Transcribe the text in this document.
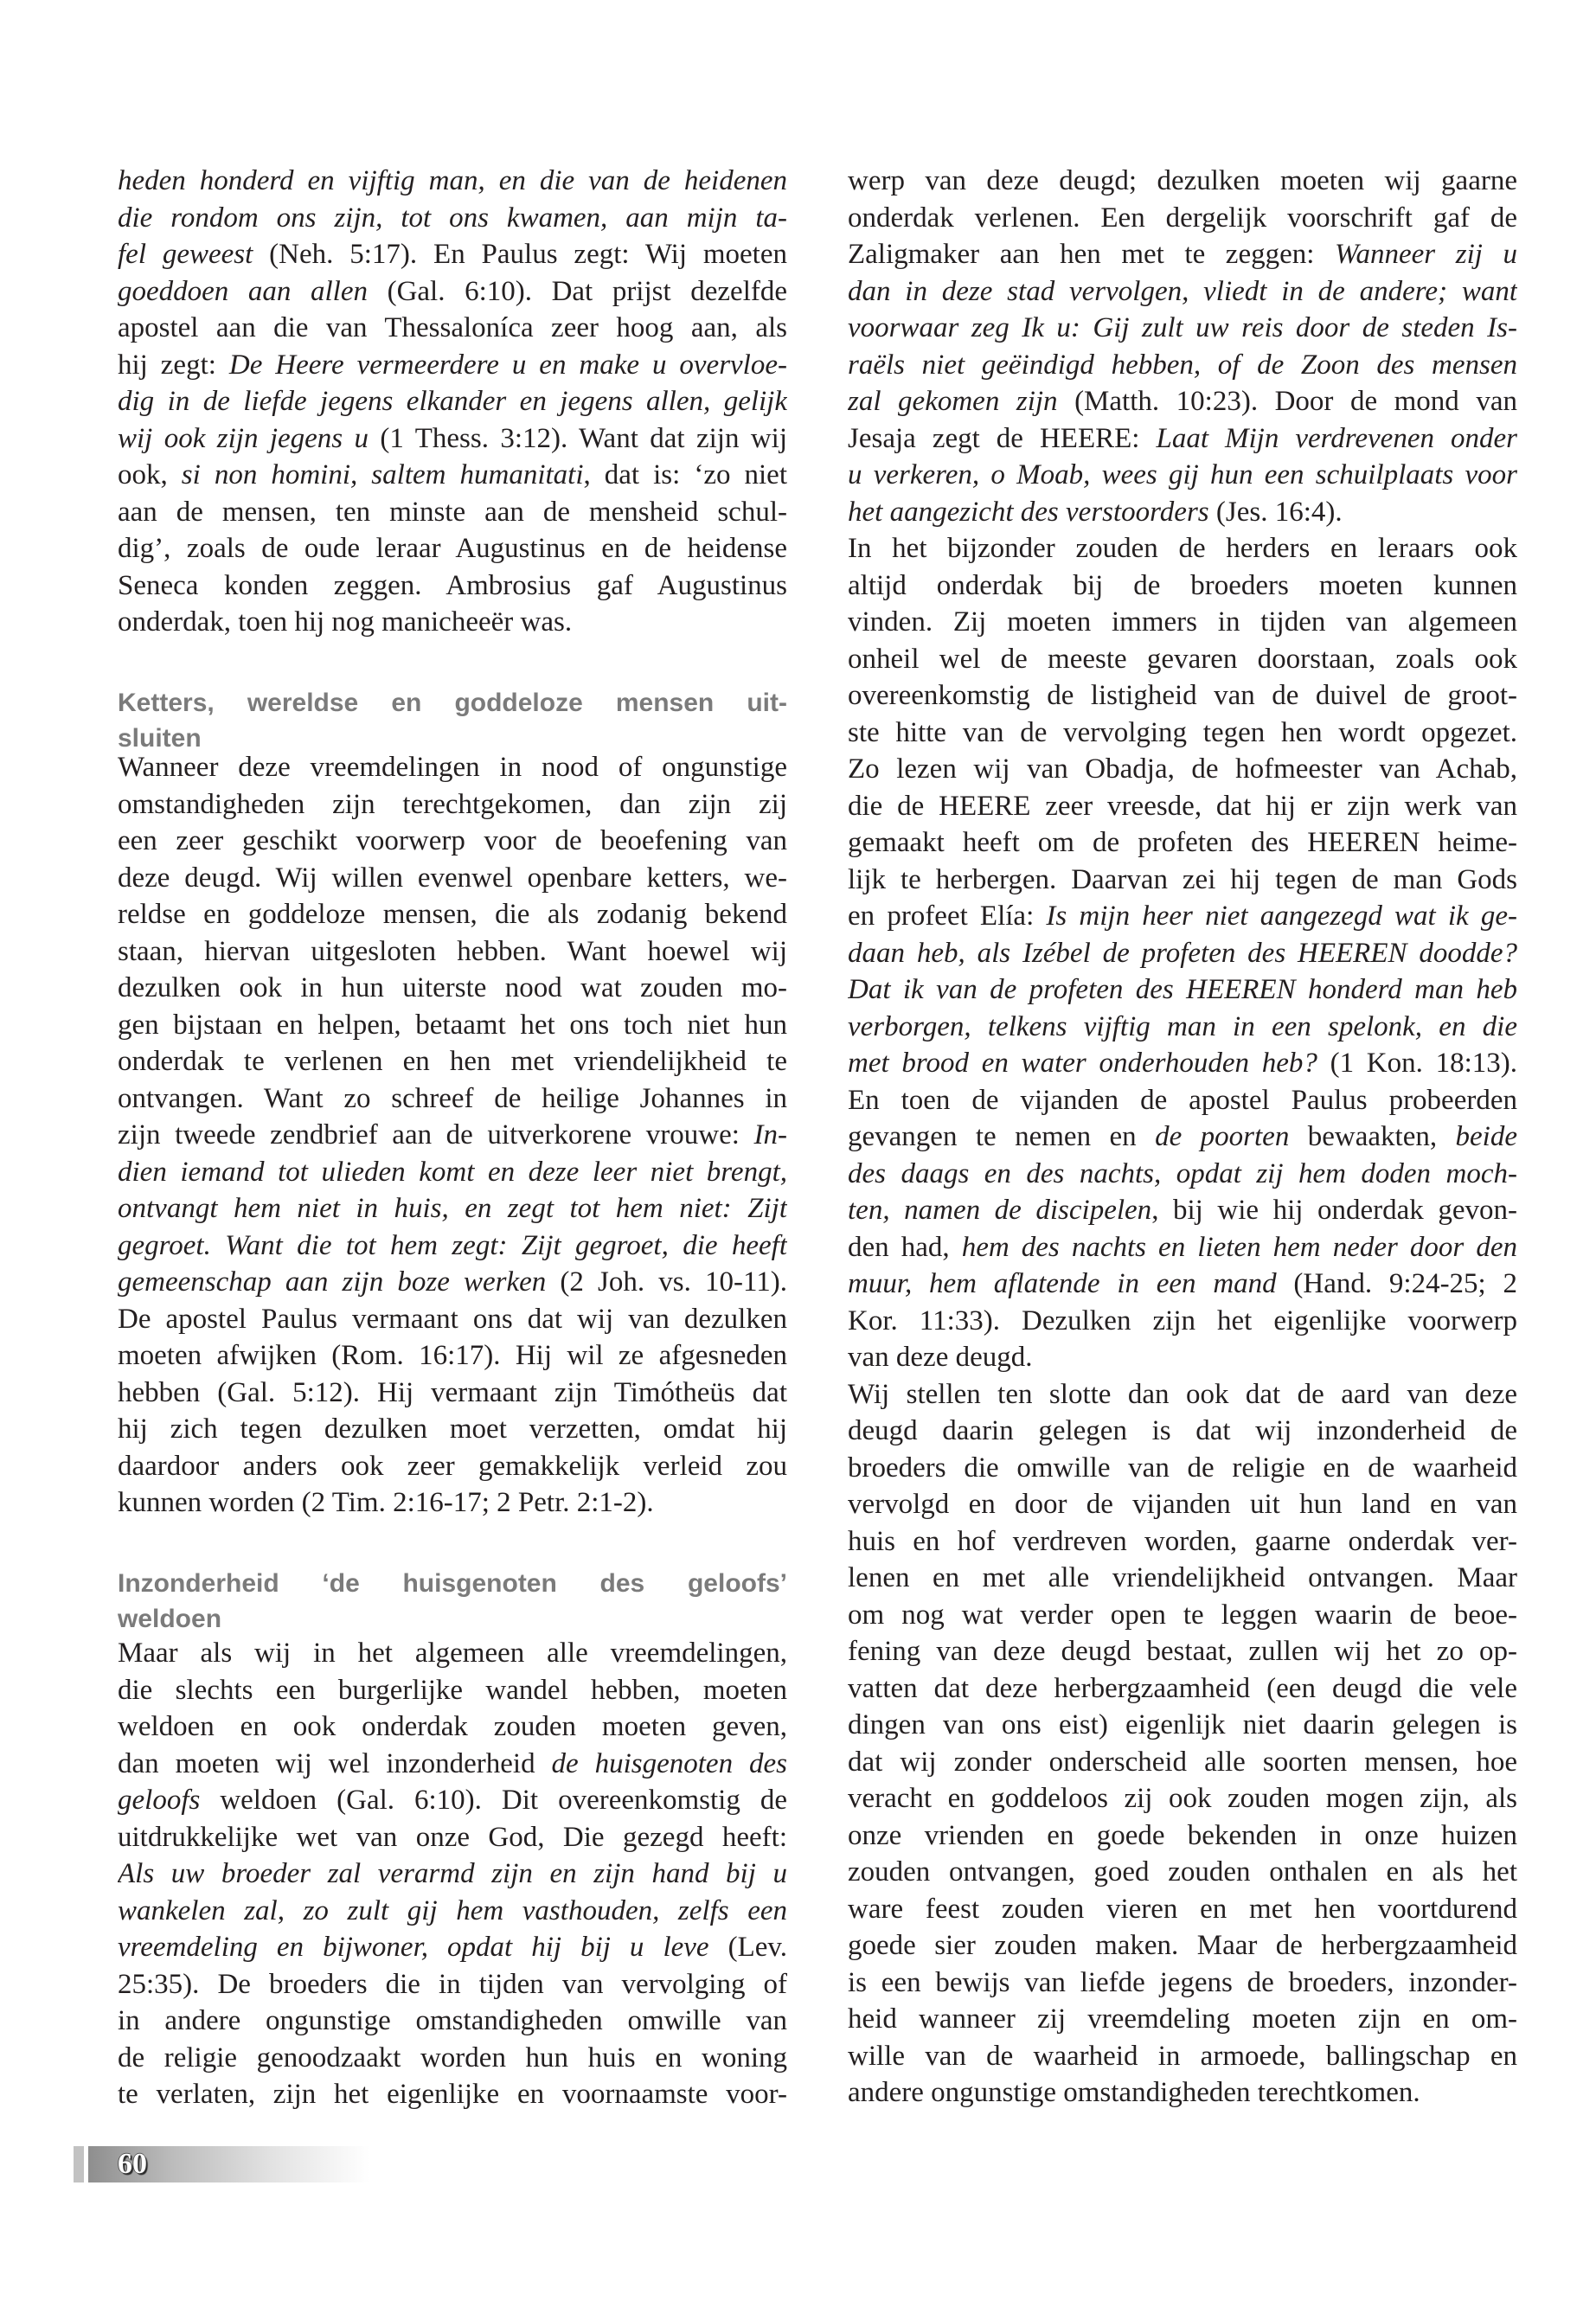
heden honderd en vijftig man, en die van de heidenen
die rondom ons zijn, tot ons kwamen, aan mijn ta-
fel geweest (Neh. 5:17). En Paulus zegt: Wij moeten
goeddoen aan allen (Gal. 6:10). Dat prijst dezelfde
apostel aan die van Thessaloníca zeer hoog aan, als
hij zegt: De Heere vermeerdere u en make u overvloe-
dig in de liefde jegens elkander en jegens allen, gelijk
wij ook zijn jegens u (1 Thess. 3:12). Want dat zijn wij
ook, si non homini, saltem humanitati, dat is: ‘zo niet
aan de mensen, ten minste aan de mensheid schul-
dig’, zoals de oude leraar Augustinus en de heidense
Seneca konden zeggen. Ambrosius gaf Augustinus
onderdak, toen hij nog manicheeër was.
Ketters, wereldse en goddeloze mensen uit-
sluiten
Wanneer deze vreemdelingen in nood of ongunstige
omstandigheden zijn terechtgekomen, dan zijn zij
een zeer geschikt voorwerp voor de beoefening van
deze deugd. Wij willen evenwel openbare ketters, we-
reldse en goddeloze mensen, die als zodanig bekend
staan, hiervan uitgesloten hebben. Want hoewel wij
dezulken ook in hun uiterste nood wat zouden mo-
gen bijstaan en helpen, betaamt het ons toch niet hun
onderdak te verlenen en hen met vriendelijkheid te
ontvangen. Want zo schreef de heilige Johannes in
zijn tweede zendbrief aan de uitverkorene vrouwe: In-
dien iemand tot ulieden komt en deze leer niet brengt,
ontvangt hem niet in huis, en zegt tot hem niet: Zijt
gegroet. Want die tot hem zegt: Zijt gegroet, die heeft
gemeenschap aan zijn boze werken (2 Joh. vs. 10-11).
De apostel Paulus vermaant ons dat wij van dezulken
moeten afwijken (Rom. 16:17). Hij wil ze afgesneden
hebben (Gal. 5:12). Hij vermaant zijn Timótheüs dat
hij zich tegen dezulken moet verzetten, omdat hij
daardoor anders ook zeer gemakkelijk verleid zou
kunnen worden (2 Tim. 2:16-17; 2 Petr. 2:1-2).
Inzonderheid ‘de huisgenoten des geloofs’
weldoen
Maar als wij in het algemeen alle vreemdelingen,
die slechts een burgerlijke wandel hebben, moeten
weldoen en ook onderdak zouden moeten geven,
dan moeten wij wel inzonderheid de huisgenoten des
geloofs weldoen (Gal. 6:10). Dit overeenkomstig de
uitdrukkelijke wet van onze God, Die gezegd heeft:
Als uw broeder zal verarmd zijn en zijn hand bij u
wankelen zal, zo zult gij hem vasthouden, zelfs een
vreemdeling en bijwoner, opdat hij bij u leve (Lev.
25:35). De broeders die in tijden van vervolging of
in andere ongunstige omstandigheden omwille van
de religie genoodzaakt worden hun huis en woning
te verlaten, zijn het eigenlijke en voornaamste voor-
werp van deze deugd; dezulken moeten wij gaarne
onderdak verlenen. Een dergelijk voorschrift gaf de
Zaligmaker aan hen met te zeggen: Wanneer zij u
dan in deze stad vervolgen, vliedt in de andere; want
voorwaar zeg Ik u: Gij zult uw reis door de steden Is-
raëls niet geëindigd hebben, of de Zoon des mensen
zal gekomen zijn (Matth. 10:23). Door de mond van
Jesaja zegt de HEERE: Laat Mijn verdrevenen onder
u verkeren, o Moab, wees gij hun een schuilplaats voor
het aangezicht des verstoorders (Jes. 16:4).
In het bijzonder zouden de herders en leraars ook
altijd onderdak bij de broeders moeten kunnen
vinden. Zij moeten immers in tijden van algemeen
onheil wel de meeste gevaren doorstaan, zoals ook
overeenkomstig de listigheid van de duivel de groot-
ste hitte van de vervolging tegen hen wordt opgezet.
Zo lezen wij van Obadja, de hofmeester van Achab,
die de HEERE zeer vreesde, dat hij er zijn werk van
gemaakt heeft om de profeten des HEEREN heime-
lijk te herbergen. Daarvan zei hij tegen de man Gods
en profeet Elía: Is mijn heer niet aangezegd wat ik ge-
daan heb, als Izébel de profeten des HEEREN doodde?
Dat ik van de profeten des HEEREN honderd man heb
verborgen, telkens vijftig man in een spelonk, en die
met brood en water onderhouden heb? (1 Kon. 18:13).
En toen de vijanden de apostel Paulus probeerden
gevangen te nemen en de poorten bewaakten, beide
des daags en des nachts, opdat zij hem doden moch-
ten, namen de discipelen, bij wie hij onderdak gevon-
den had, hem des nachts en lieten hem neder door den
muur, hem aflatende in een mand (Hand. 9:24-25; 2
Kor. 11:33). Dezulken zijn het eigenlijke voorwerp
van deze deugd.
Wij stellen ten slotte dan ook dat de aard van deze
deugd daarin gelegen is dat wij inzonderheid de
broeders die omwille van de religie en de waarheid
vervolgd en door de vijanden uit hun land en van
huis en hof verdreven worden, gaarne onderdak ver-
lenen en met alle vriendelijkheid ontvangen. Maar
om nog wat verder open te leggen waarin de beoe-
fening van deze deugd bestaat, zullen wij het zo op-
vatten dat deze herbergzaamheid (een deugd die vele
dingen van ons eist) eigenlijk niet daarin gelegen is
dat wij zonder onderscheid alle soorten mensen, hoe
veracht en goddeloos zij ook zouden mogen zijn, als
onze vrienden en goede bekenden in onze huizen
zouden ontvangen, goed zouden onthalen en als het
ware feest zouden vieren en met hen voortdurend
goede sier zouden maken. Maar de herbergzaamheid
is een bewijs van liefde jegens de broeders, inzonder-
heid wanneer zij vreemdeling moeten zijn en om-
wille van de waarheid in armoede, ballingschap en
andere ongunstige omstandigheden terechtkomen.
60
